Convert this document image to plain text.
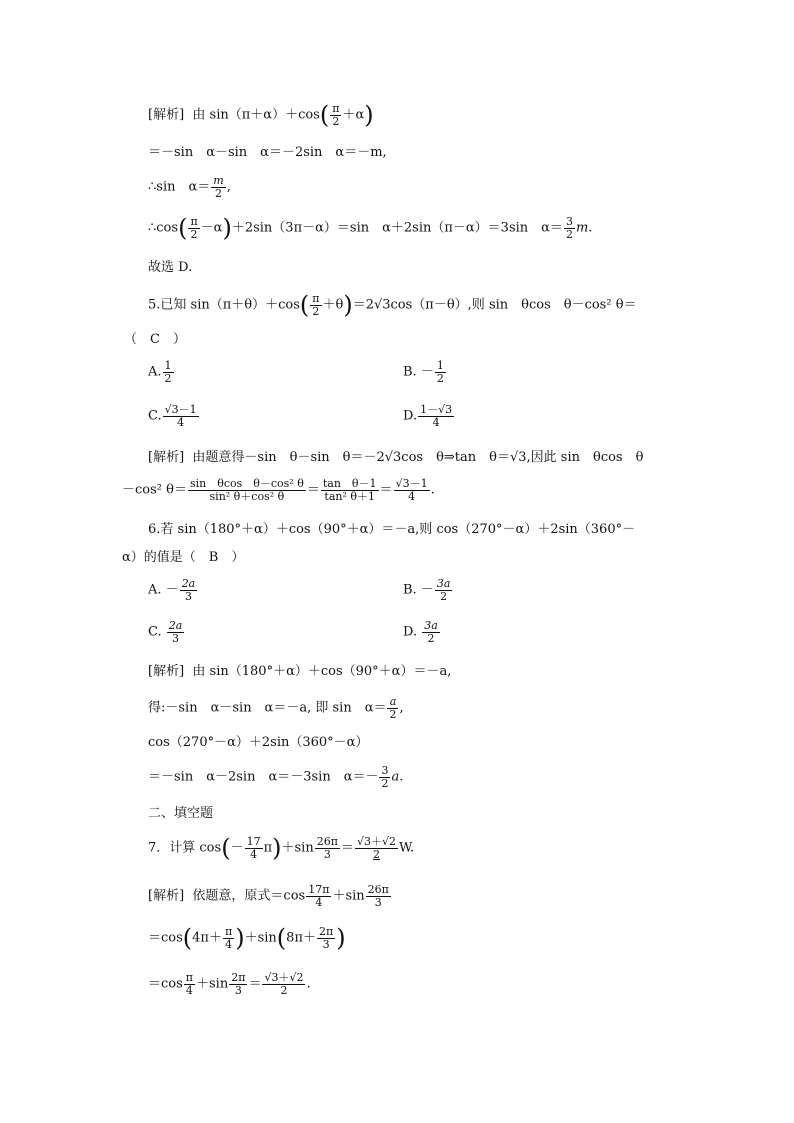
[解析] 由 $\sin(\pi+\alpha)+\cos( \frac{\pi}{2} +\alpha)$
＝－sin　α－sin　α＝－2sin　α＝－m,
∴sin　$\alpha= \frac{m}{2}$ ,
∴cos( $\frac{\pi}{2} -\alpha)+2\sin(3\pi-\alpha)=\sin$　α＋2sin（π－α）＝3sin　$\alpha= \frac{3}{2} m$.
故选 D.
5.已知 $\sin(\pi+\theta)+\cos( \frac{\pi}{2} +\theta)=2√3\cos(\pi-\theta)$,则 sin　θcos　θ－cos² θ＝
（　C　）
A. $\frac{1}{2}$	B. － $\frac{1}{2}$
C. $\frac{√3-1}{4}$	D. $\frac{1-√3}{4}$
[解析] 由题意得－sin　θ－sin　θ＝－2√3cos　θ⇒tan　θ＝√3,因此 sin　θcos　θ
－cos² $\theta= \frac{\text{sin　θcos　θ－cos² θ}}{\text{sin² θ＋cos² θ}} = \frac{\text{tan　θ－1}}{\text{tan² θ＋1}} = \frac{√3-1}{4}$ .
6.若 sin（180°＋α）＋cos（90°＋α）＝－a,则 cos（270°－α）＋2sin（360°－
α）的值是（　B　）
A. － $\frac{2a}{3}$	B. － $\frac{3a}{2}$
C. $\frac{2a}{3}$	D. $\frac{3a}{2}$
[解析] 由 sin（180°＋α）＋cos（90°＋α）＝－a,
得:－sin　α－sin　α＝－a, 即 sin　$\alpha= \frac{a}{2}$ ,
cos（270°－α）＋2sin（360°－α）
＝－sin　α－2sin　α＝－3sin　$\alpha=- \frac{3}{2} a$.
二、填空题
7．计算 $\cos(- \frac{17}{4} \pi)+\sin \frac{26\pi}{3} = \frac{√3+√2}{2} W$.
[解析] 依题意，原式$=\cos \frac{17\pi}{4} +\sin \frac{26\pi}{3}$
$=\cos(4\pi+ \frac{\pi}{4} )+\sin(8\pi+ \frac{2\pi}{3}$ )
$=\cos \frac{\pi}{4} +\sin \frac{2\pi}{3} = \frac{√3+√2}{2}$ .
